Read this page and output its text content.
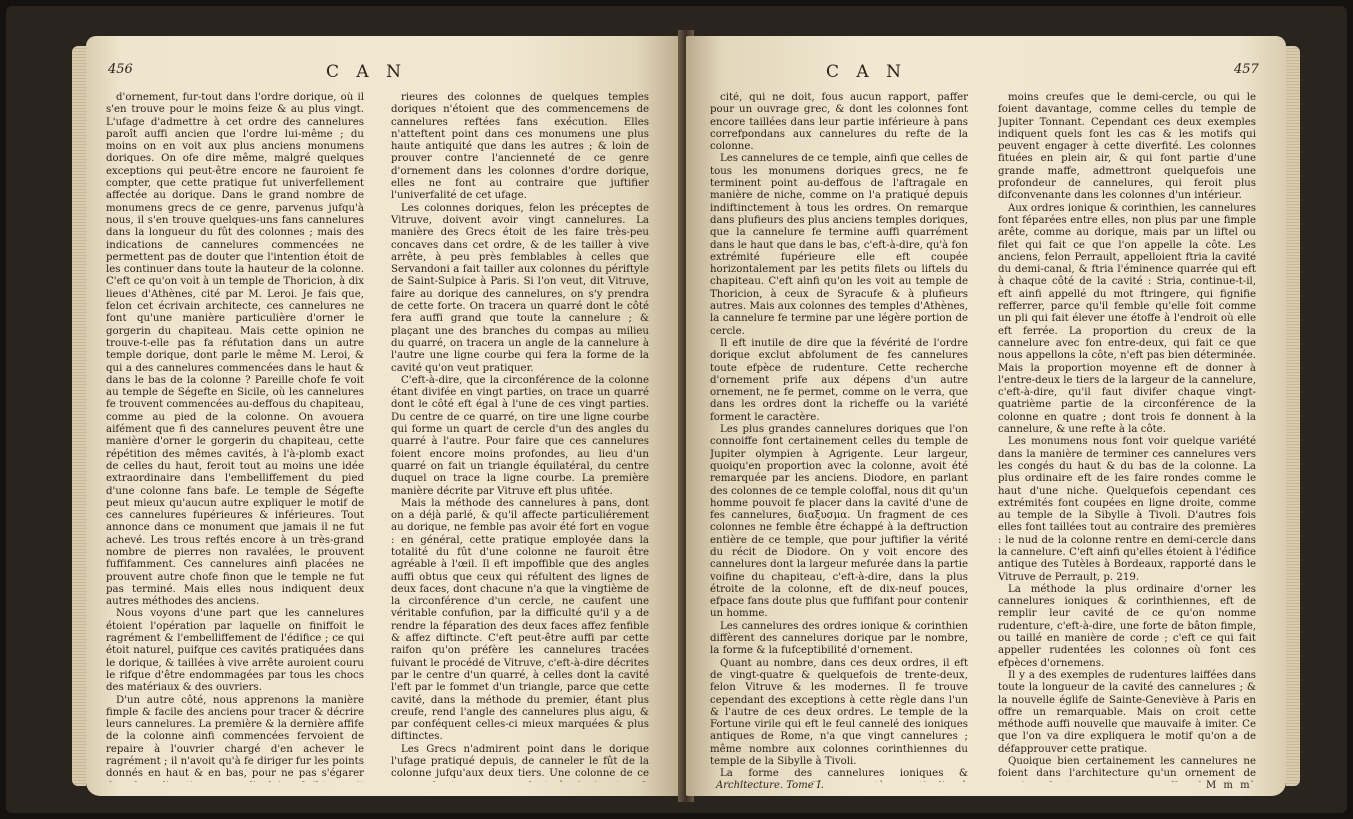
456	C A N

d'ornement, fur-tout dans l'ordre dorique, où il s'en trouve pour le moins feize & au plus vingt. L'ufage d'admettre à cet ordre des cannelures paroît auffi ancien que l'ordre lui-même ; du moins on en voit aux plus anciens monumens doriques. On ofe dire même, malgré quelques exceptions qui peut-être encore ne fauroient fe compter, que cette pratique fut univerfellement affectée au dorique. Dans le grand nombre de monumens grecs de ce genre, parvenus jufqu'à nous, il s'en trouve quelques-uns fans cannelures dans la longueur du fût des colonnes ; mais des indications de cannelures commencées ne permettent pas de douter que l'intention étoit de les continuer dans toute la hauteur de la colonne. C'eft ce qu'on voit à un temple de Thoricion, à dix lieues d'Athènes, cité par M. Leroi. Je fais que, felon cet écrivain architecte, ces cannelures ne font qu'une manière particulière d'orner le gorgerin du chapiteau. Mais cette opinion ne trouve-t-elle pas fa réfutation dans un autre temple dorique, dont parle le même M. Leroi, & qui a des cannelures commencées dans le haut & dans le bas de la colonne ? Pareille chofe fe voit au temple de Ségefte en Sicile, où les cannelures fe trouvent commencées au-deffous du chapiteau, comme au pied de la colonne. On avouera aifément que fi des cannelures peuvent être une manière d'orner le gorgerin du chapiteau, cette répétition des mêmes cavités, à l'à-plomb exact de celles du haut, feroit tout au moins une idée extraordinaire dans l'embelliffement du pied d'une colonne fans bafe. Le temple de Ségefte peut mieux qu'aucun autre expliquer le motif de ces cannelures fupérieures & inférieures. Tout annonce dans ce monument que jamais il ne fut achevé. Les trous reftés encore à un très-grand nombre de pierres non ravalées, le prouvent fuffifamment. Ces cannelures ainfi placées ne prouvent autre chofe finon que le temple ne fut pas terminé. Mais elles nous indiquent deux autres méthodes des anciens.

Nous voyons d'une part que les cannelures étoient l'opération par laquelle on finiffoit le ragrément & l'embelliffement de l'édifice ; ce qui étoit naturel, puifque ces cavités pratiquées dans le dorique, & taillées à vive arrête auroient couru le rifque d'être endommagées par tous les chocs des matériaux & des ouvriers.

D'un autre côté, nous apprenons la manière fimple & facile des anciens pour tracer & décrire leurs cannelures. La première & la dernière affife de la colonne ainfi commencées fervoient de repaire à l'ouvrier chargé d'en achever le ragrément ; il n'avoit qu'à fe diriger fur les points donnés en haut & en bas, pour ne pas s'égarer

rieures des colonnes de quelques temples doriques n'étoient que des commencemens de cannelures reftées fans exécution. Elles n'atteftent point dans ces monumens une plus haute antiquité que dans les autres ; & loin de prouver contre l'ancienneté de ce genre d'ornement dans les colonnes d'ordre dorique, elles ne font au contraire que juftifier l'univerfalité de cet ufage.

Les colonnes doriques, felon les préceptes de Vitruve, doivent avoir vingt cannelures. La manière des Grecs étoit de les faire très-peu concaves dans cet ordre, & de les tailler à vive arrête, à peu près femblables à celles que Servandoni a fait tailler aux colonnes du périftyle de Saint-Sulpice à Paris. Si l'on veut, dit Vitruve, faire au dorique des cannelures, on s'y prendra de cette forte. On tracera un quarré dont le côté fera auffi grand que toute la cannelure ; & plaçant une des branches du compas au milieu du quarré, on tracera un angle de la cannelure à l'autre une ligne courbe qui fera la forme de la cavité qu'on veut pratiquer.

C'eft-à-dire, que la circonférence de la colonne étant divifée en vingt parties, on trace un quarré dont le côté eft égal à l'une de ces vingt parties. Du centre de ce quarré, on tire une ligne courbe qui forme un quart de cercle d'un des angles du quarré à l'autre. Pour faire que ces cannelures foient encore moins profondes, au lieu d'un quarré on fait un triangle équilatéral, du centre duquel on trace la ligne courbe. La première manière décrite par Vitruve eft plus ufitée.

Mais la méthode des cannelures à pans, dont on a déjà parlé, & qu'il affecte particuliérement au dorique, ne femble pas avoir été fort en vogue : en général, cette pratique employée dans la totalité du fût d'une colonne ne fauroit être agréable à l'œil. Il eft impoffible que des angles auffi obtus que ceux qui réfultent des lignes de deux faces, dont chacune n'a que la vingtième de la circonférence d'un cercle, ne caufent une véritable confufion, par la difficulté qu'il y a de rendre la féparation des deux faces affez fenfible & affez diftincte. C'eft peut-être auffi par cette raifon qu'on préfère les cannelures tracées fuivant le procédé de Vitruve, c'eft-à-dire décrites par le centre d'un quarré, à celles dont la cavité l'eft par le fommet d'un triangle, parce que cette cavité, dans la méthode du premier, étant plus creufe, rend l'angle des cannelures plus aigu, & par conféquent celles-ci mieux marquées & plus diftinctes.

Les Grecs n'admirent point dans le dorique l'ufage pratiqué depuis, de canneler le fût de la colonne jufqu'aux deux tiers. Une colonne de ce

C A N	457

cité, qui ne doit, fous aucun rapport, paffer pour un ouvrage grec, & dont les colonnes font encore taillées dans leur partie inférieure à pans correfpondans aux cannelures du refte de la colonne.

Les cannelures de ce temple, ainfi que celles de tous les monumens doriques grecs, ne fe terminent point au-deffous de l'aftragale en manière de niche, comme on l'a pratiqué depuis indiftinctement à tous les ordres. On remarque dans plufieurs des plus anciens temples doriques, que la cannelure fe termine auffi quarrément dans le haut que dans le bas, c'eft-à-dire, qu'à fon extrémité fupérieure elle eft coupée horizontalement par les petits filets ou liftels du chapiteau. C'eft ainfi qu'on les voit au temple de Thoricion, à ceux de Syracufe & à plufieurs autres. Mais aux colonnes des temples d'Athènes, la cannelure fe termine par une légère portion de cercle.

Il eft inutile de dire que la févérité de l'ordre dorique exclut abfolument de fes cannelures toute efpèce de rudenture. Cette recherche d'ornement prife aux dépens d'un autre ornement, ne fe permet, comme on le verra, que dans les ordres dont la richeffe ou la variété forment le caractère.

Les plus grandes cannelures doriques que l'on connoiffe font certainement celles du temple de Jupiter olympien à Agrigente. Leur largeur, quoiqu'en proportion avec la colonne, avoit été remarquée par les anciens. Diodore, en parlant des colonnes de ce temple coloffal, nous dit qu'un homme pouvoit fe placer dans la cavité d'une de fes cannelures, διαξυσμα. Un fragment de ces colonnes ne femble être échappé à la deftruction entière de ce temple, que pour juftifier la vérité du récit de Diodore. On y voit encore des cannelures dont la largeur mefurée dans la partie voifine du chapiteau, c'eft-à-dire, dans la plus étroite de la colonne, eft de dix-neuf pouces, efpace fans doute plus que fuffifant pour contenir un homme.

Les cannelures des ordres ionique & corinthien diffèrent des cannelures dorique par le nombre, la forme & la fufceptibilité d'ornement.

Quant au nombre, dans ces deux ordres, il eft de vingt-quatre & quelquefois de trente-deux, felon Vitruve & les modernes. Il fe trouve cependant des exceptions à cette règle dans l'un & l'autre de ces deux ordres. Le temple de la Fortune virile qui eft le feul cannelé des ioniques antiques de Rome, n'a que vingt cannelures ; même nombre aux colonnes corinthiennes du temple de la Sibylle à Tivoli.

La forme des cannelures ioniques &

moins creufes que le demi-cercle, ou qui le foient davantage, comme celles du temple de Jupiter Tonnant. Cependant ces deux exemples indiquent quels font les cas & les motifs qui peuvent engager à cette diverfité. Les colonnes fituées en plein air, & qui font partie d'une grande maffe, admettront quelquefois une profondeur de cannelures, qui feroit plus difconvenante dans les colonnes d'un intérieur.

Aux ordres ionique & corinthien, les cannelures font féparées entre elles, non plus par une fimple arête, comme au dorique, mais par un liftel ou filet qui fait ce que l'on appelle la côte. Les anciens, felon Perrault, appelloient ftria la cavité du demi-canal, & ftria l'éminence quarrée qui eft à chaque côté de la cavité : Stria, continue-t-il, eft ainfi appellé du mot ftringere, qui fignifie refferrer, parce qu'il femble qu'elle foit comme un pli qui fait élever une étoffe à l'endroit où elle eft ferrée. La proportion du creux de la cannelure avec fon entre-deux, qui fait ce que nous appellons la côte, n'eft pas bien déterminée. Mais la proportion moyenne eft de donner à l'entre-deux le tiers de la largeur de la cannelure, c'eft-à-dire, qu'il faut divifer chaque vingt-quatrième partie de la circonférence de la colonne en quatre ; dont trois fe donnent à la cannelure, & une refte à la côte.

Les monumens nous font voir quelque variété dans la manière de terminer ces cannelures vers les congés du haut & du bas de la colonne. La plus ordinaire eft de les faire rondes comme le haut d'une niche. Quelquefois cependant ces extrémités font coupées en ligne droite, comme au temple de la Sibylle à Tivoli. D'autres fois elles font taillées tout au contraire des premières : le nud de la colonne rentre en demi-cercle dans la cannelure. C'eft ainfi qu'elles étoient à l'édifice antique des Tutèles à Bordeaux, rapporté dans le Vitruve de Perrault, p. 219.

La méthode la plus ordinaire d'orner les cannelures ioniques & corinthiennes, eft de remplir leur cavité de ce qu'on nomme rudenture, c'eft-à-dire, une forte de bâton fimple, ou taillé en manière de corde ; c'eft ce qui fait appeller rudentées les colonnes où font ces efpèces d'ornemens.

Il y a des exemples de rudentures laiffées dans toute la longueur de la cavité des cannelures ; & la nouvelle églife de Sainte-Geneviève à Paris en offre un remarquable. Mais on croit cette méthode auffi nouvelle que mauvaife à imiter. Ce que l'on va dire expliquera le motif qu'on a de défapprouver cette pratique.

Quoique bien certainement les cannelures ne foient dans l'architecture qu'un ornement de

Architecture. Tome I.	M m m
